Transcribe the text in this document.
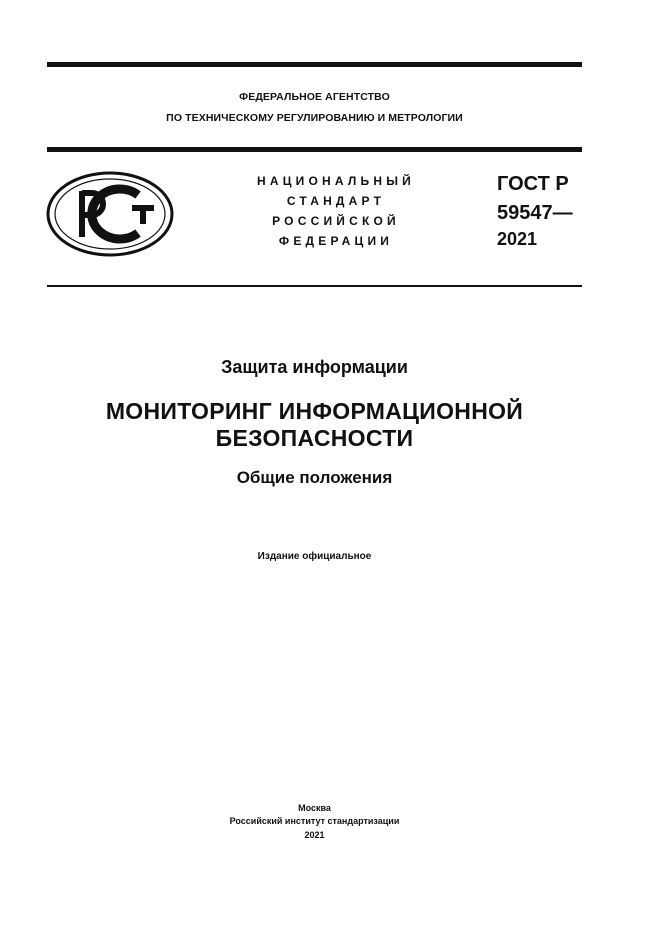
ФЕДЕРАЛЬНОЕ АГЕНТСТВО
ПО ТЕХНИЧЕСКОМУ РЕГУЛИРОВАНИЮ И МЕТРОЛОГИИ
НАЦИОНАЛЬНЫЙ
СТАНДАРТ
РОССИЙСКОЙ
ФЕДЕРАЦИИ
ГОСТ Р
59547—
2021
Защита информации
МОНИТОРИНГ ИНФОРМАЦИОННОЙ
БЕЗОПАСНОСТИ
Общие положения
Издание официальное
Москва
Российский институт стандартизации
2021
